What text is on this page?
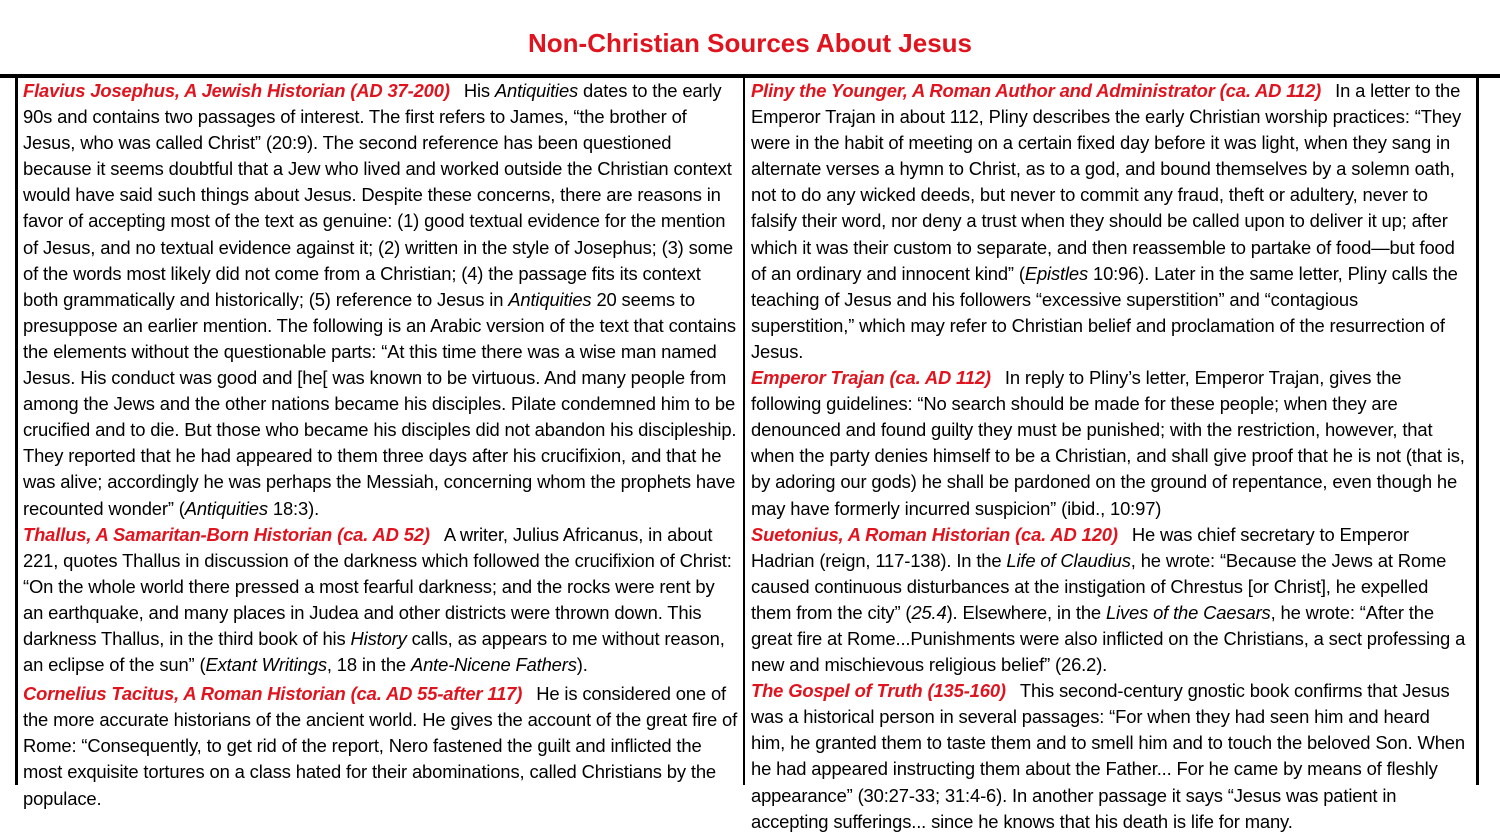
Non-Christian Sources About Jesus

Flavius Josephus, A Jewish Historian (AD 37-200) His Antiquities dates to the early 90s and contains two passages of interest. The first refers to James, “the brother of Jesus, who was called Christ” (20:9). The second reference has been questioned because it seems doubtful that a Jew who lived and worked outside the Christian context would have said such things about Jesus. Despite these concerns, there are reasons in favor of accepting most of the text as genuine: (1) good textual evidence for the mention of Jesus, and no textual evidence against it; (2) written in the style of Josephus; (3) some of the words most likely did not come from a Christian; (4) the passage fits its context both grammatically and historically; (5) reference to Jesus in Antiquities 20 seems to presuppose an earlier mention. The following is an Arabic version of the text that contains the elements without the questionable parts: “At this time there was a wise man named Jesus. His conduct was good and [he[ was known to be virtuous. And many people from among the Jews and the other nations became his disciples. Pilate condemned him to be crucified and to die. But those who became his disciples did not abandon his discipleship. They reported that he had appeared to them three days after his crucifixion, and that he was alive; accordingly he was perhaps the Messiah, concerning whom the prophets have recounted wonder” (Antiquities 18:3).

Thallus, A Samaritan-Born Historian (ca. AD 52) A writer, Julius Africanus, in about 221, quotes Thallus in discussion of the darkness which followed the crucifixion of Christ: “On the whole world there pressed a most fearful darkness; and the rocks were rent by an earthquake, and many places in Judea and other districts were thrown down. This darkness Thallus, in the third book of his History calls, as appears to me without reason, an eclipse of the sun” (Extant Writings, 18 in the Ante-Nicene Fathers).

Cornelius Tacitus, A Roman Historian (ca. AD 55-after 117) He is considered one of the more accurate historians of the ancient world. He gives the account of the great fire of Rome: “Consequently, to get rid of the report, Nero fastened the guilt and inflicted the most exquisite tortures on a class hated for their abominations, called Christians by the populace.

Pliny the Younger, A Roman Author and Administrator (ca. AD 112) In a letter to the Emperor Trajan in about 112, Pliny describes the early Christian worship practices: “They were in the habit of meeting on a certain fixed day before it was light, when they sang in alternate verses a hymn to Christ, as to a god, and bound themselves by a solemn oath, not to do any wicked deeds, but never to commit any fraud, theft or adultery, never to falsify their word, nor deny a trust when they should be called upon to deliver it up; after which it was their custom to separate, and then reassemble to partake of food—but food of an ordinary and innocent kind” (Epistles 10:96). Later in the same letter, Pliny calls the teaching of Jesus and his followers “excessive superstition” and “contagious superstition,” which may refer to Christian belief and proclamation of the resurrection of Jesus.

Emperor Trajan (ca. AD 112) In reply to Pliny’s letter, Emperor Trajan, gives the following guidelines: “No search should be made for these people; when they are denounced and found guilty they must be punished; with the restriction, however, that when the party denies himself to be a Christian, and shall give proof that he is not (that is, by adoring our gods) he shall be pardoned on the ground of repentance, even though he may have formerly incurred suspicion” (ibid., 10:97)

Suetonius, A Roman Historian (ca. AD 120) He was chief secretary to Emperor Hadrian (reign, 117-138). In the Life of Claudius, he wrote: “Because the Jews at Rome caused continuous disturbances at the instigation of Chrestus [or Christ], he expelled them from the city” (25.4). Elsewhere, in the Lives of the Caesars, he wrote: “After the great fire at Rome...Punishments were also inflicted on the Christians, a sect professing a new and mischievous religious belief” (26.2).

The Gospel of Truth (135-160) This second-century gnostic book confirms that Jesus was a historical person in several passages: “For when they had seen him and heard him, he granted them to taste them and to smell him and to touch the beloved Son. When he had appeared instructing them about the Father... For he came by means of fleshly appearance” (30:27-33; 31:4-6). In another passage it says “Jesus was patient in accepting sufferings... since he knows that his death is life for many.
